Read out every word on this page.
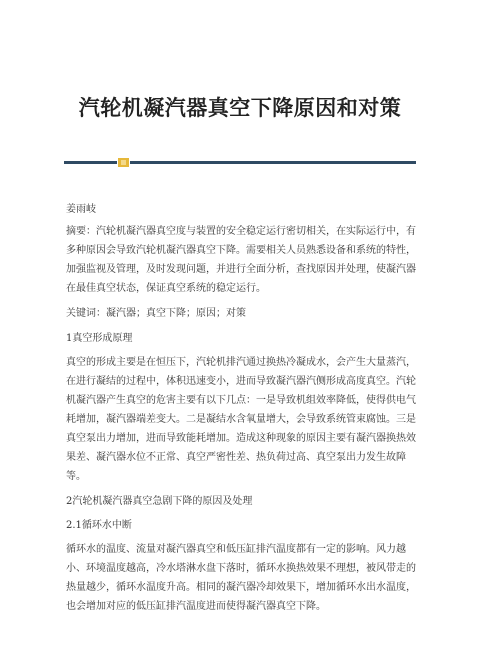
汽轮机凝汽器真空下降原因和对策

姜雨岐

摘要：汽轮机凝汽器真空度与装置的安全稳定运行密切相关，在实际运行中，有多种原因会导致汽轮机凝汽器真空下降。需要相关人员熟悉设备和系统的特性，加强监视及管理，及时发现问题，并进行全面分析，查找原因并处理，使凝汽器在最佳真空状态，保证真空系统的稳定运行。

关键词：凝汽器；真空下降；原因；对策

1真空形成原理

真空的形成主要是在恒压下，汽轮机排汽通过换热冷凝成水，会产生大量蒸汽，在进行凝结的过程中，体积迅速变小，进而导致凝汽器汽侧形成高度真空。汽轮机凝汽器产生真空的危害主要有以下几点：一是导致机组效率降低，使得供电气耗增加，凝汽器端差变大。二是凝结水含氧量增大，会导致系统管束腐蚀。三是真空泵出力增加，进而导致能耗增加。造成这种现象的原因主要有凝汽器换热效果差、凝汽器水位不正常、真空严密性差、热负荷过高、真空泵出力发生故障等。

2汽轮机凝汽器真空急剧下降的原因及处理

2.1循环水中断

循环水的温度、流量对凝汽器真空和低压缸排汽温度都有一定的影响。风力越小、环境温度越高，冷水塔淋水盘下落时，循环水换热效果不理想，被风带走的热量越少，循环水温度升高。相同的凝汽器冷却效果下，增加循环水出水温度，也会增加对应的低压缸排汽温度进而使得凝汽器真空下降。
